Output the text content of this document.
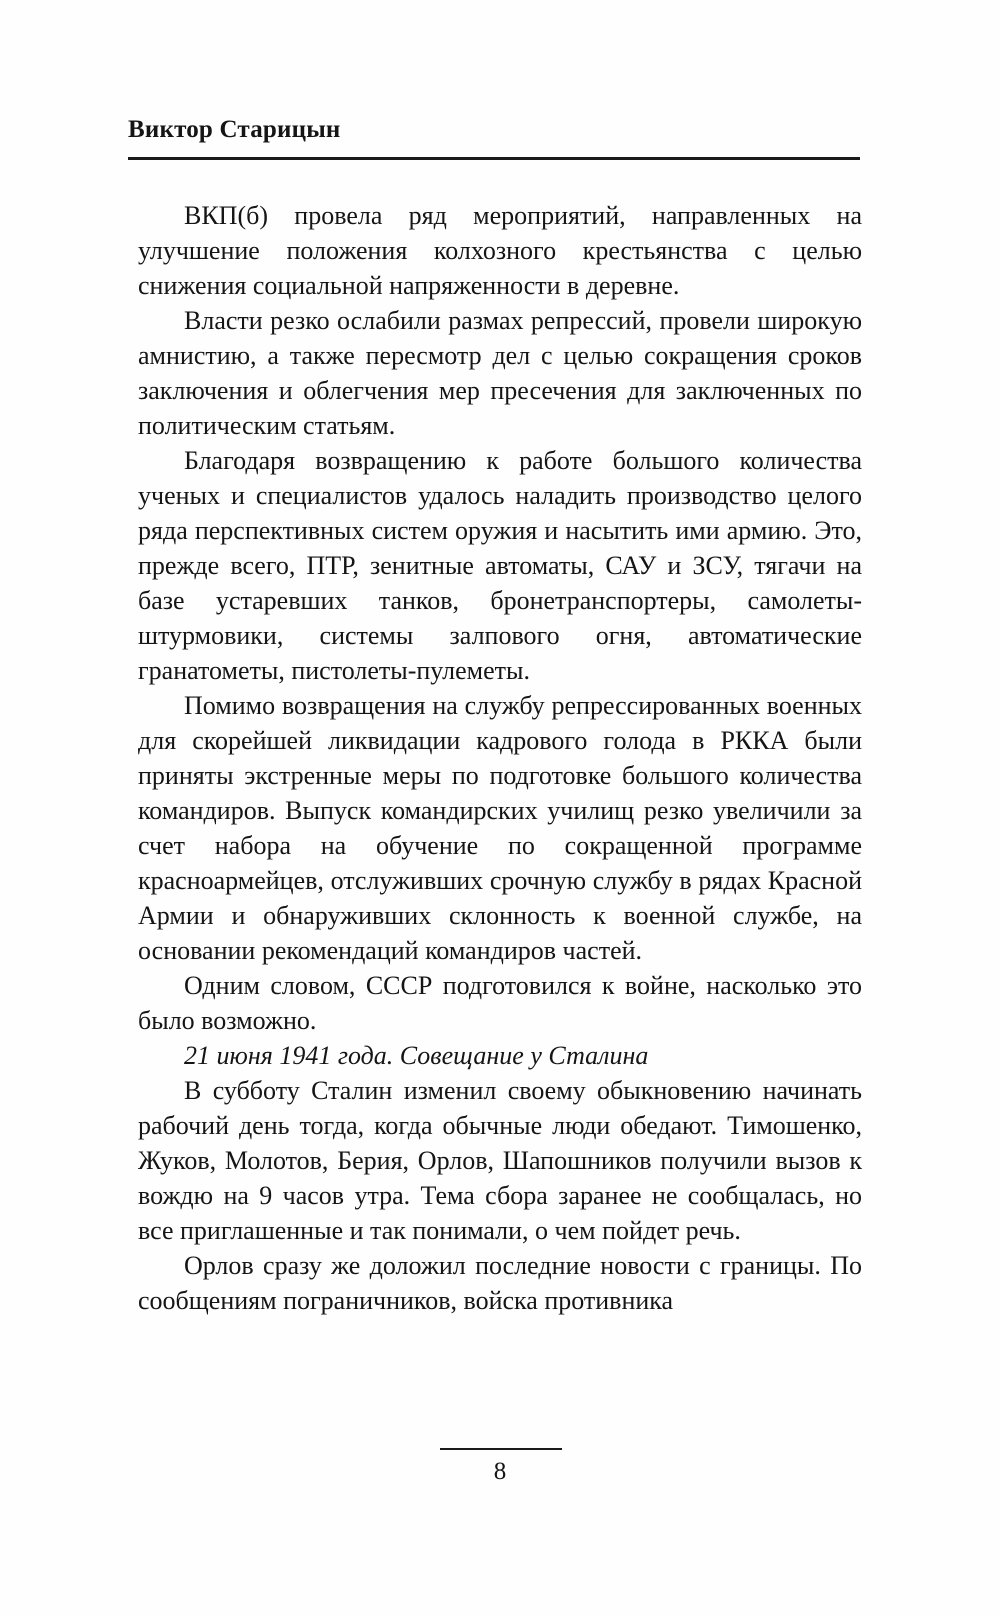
Виктор Старицын

ВКП(б) провела ряд мероприятий, направленных на улучшение положения колхозного крестьянства с целью снижения социальной напряженности в деревне.

Власти резко ослабили размах репрессий, провели широкую амнистию, а также пересмотр дел с целью сокращения сроков заключения и облегчения мер пресечения для заключенных по политическим статьям.

Благодаря возвращению к работе большого количества ученых и специалистов удалось наладить производство целого ряда перспективных систем оружия и насытить ими армию. Это, прежде всего, ПТР, зенитные автоматы, САУ и ЗСУ, тягачи на базе устаревших танков, бронетранспортеры, самолеты-штурмовики, системы залпового огня, автоматические гранатометы, пистолеты-пулеметы.

Помимо возвращения на службу репрессированных военных для скорейшей ликвидации кадрового голода в РККА были приняты экстренные меры по подготовке большого количества командиров. Выпуск командирских училищ резко увеличили за счет набора на обучение по сокращенной программе красноармейцев, отслуживших срочную службу в рядах Красной Армии и обнаруживших склонность к военной службе, на основании рекомендаций командиров частей.

Одним словом, СССР подготовился к войне, насколько это было возможно.

21 июня 1941 года. Совещание у Сталина

В субботу Сталин изменил своему обыкновению начинать рабочий день тогда, когда обычные люди обедают. Тимошенко, Жуков, Молотов, Берия, Орлов, Шапошников получили вызов к вождю на 9 часов утра. Тема сбора заранее не сообщалась, но все приглашенные и так понимали, о чем пойдет речь.

Орлов сразу же доложил последние новости с границы. По сообщениям пограничников, войска противника

8
